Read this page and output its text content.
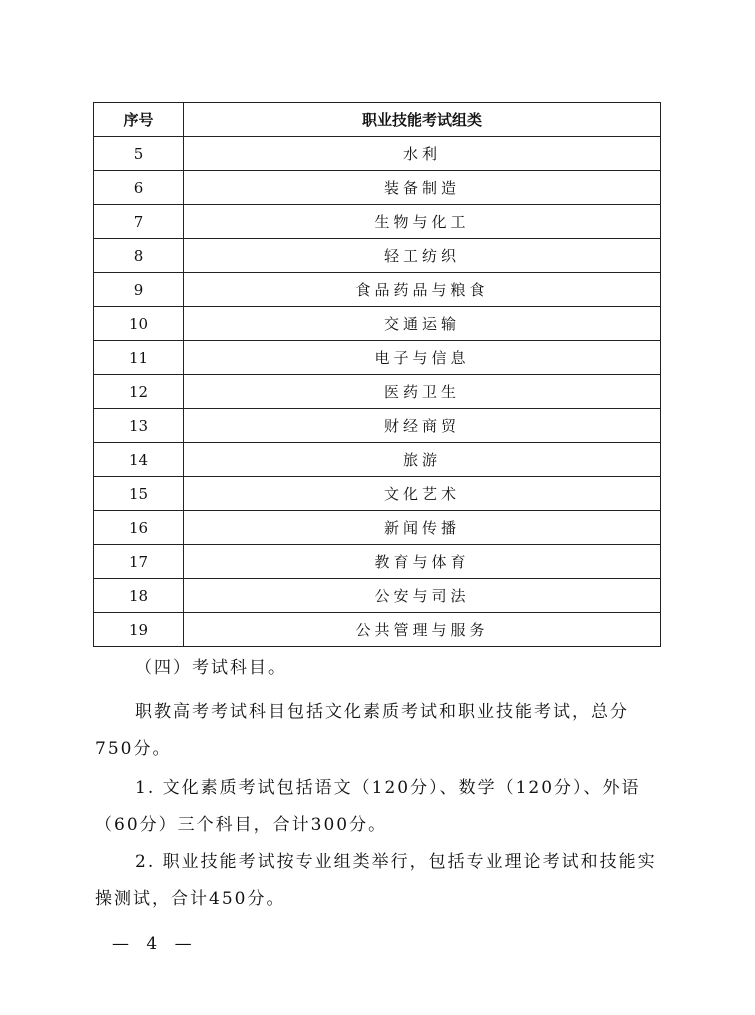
序号	职业技能考试组类
5	水利
6	装备制造
7	生物与化工
8	轻工纺织
9	食品药品与粮食
10	交通运输
11	电子与信息
12	医药卫生
13	财经商贸
14	旅游
15	文化艺术
16	新闻传播
17	教育与体育
18	公安与司法
19	公共管理与服务
（四）考试科目。
职教高考考试科目包括文化素质考试和职业技能考试，总分750分。
1. 文化素质考试包括语文（120分）、数学（120分）、外语（60分）三个科目，合计300分。
2. 职业技能考试按专业组类举行，包括专业理论考试和技能实操测试，合计450分。
— 4 —
